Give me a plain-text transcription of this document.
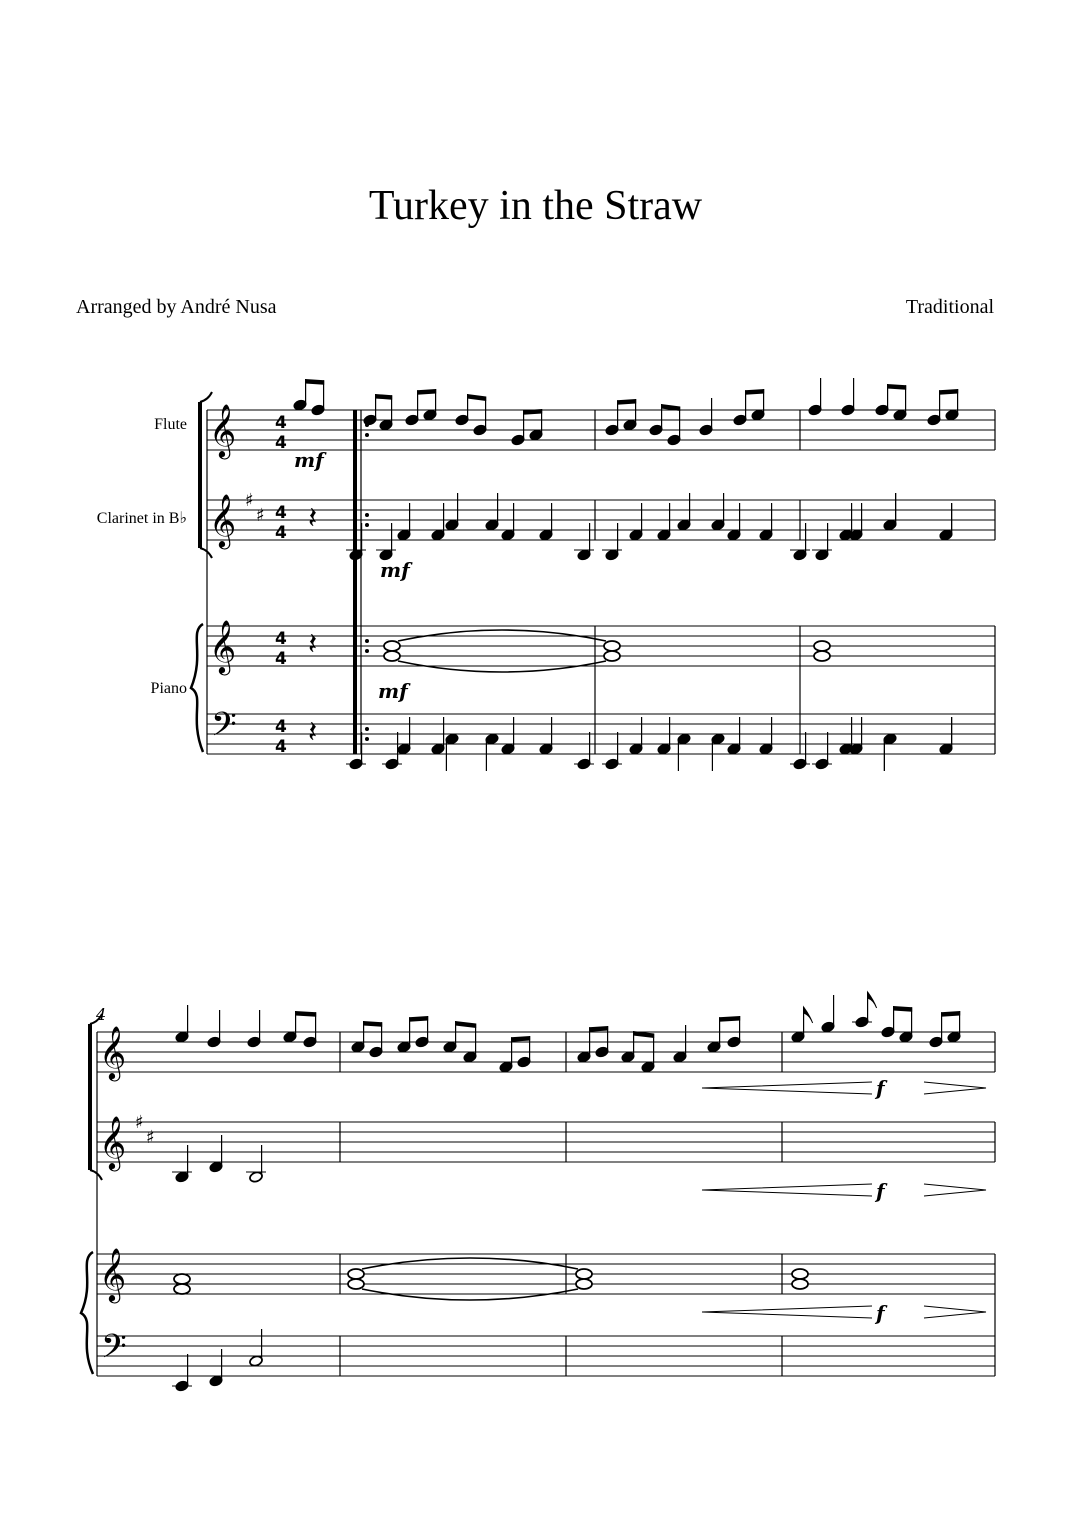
Turkey in the Straw
Arranged by André Nusa	Traditional
Flute
Clarinet in B♭
Piano
𝄞
𝄞
𝄞
𝄢
♯
♯
4
4
4
4
4
4
4
4
mf
𝄽
𝄽
𝄽
mf
mf
4
𝄞
𝄞
𝄞
𝄢
♯
♯
f
f
f
